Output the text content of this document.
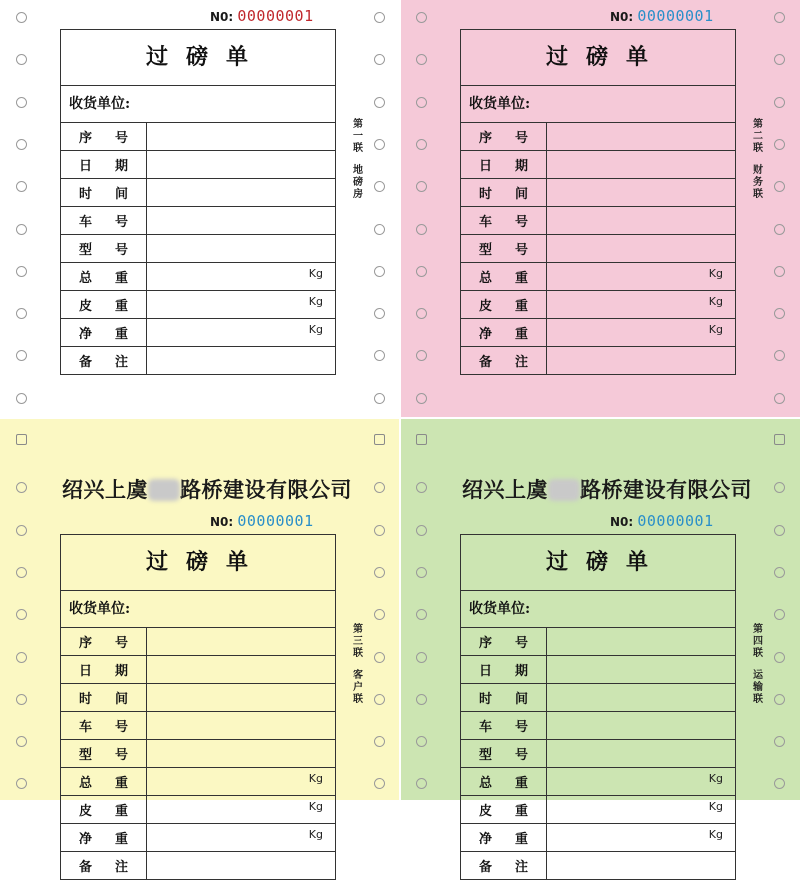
N0: 00000001
过磅单
收货单位:
序 号
日 期
时 间
车 号
型 号
总 重	Kg
皮 重	Kg
净 重	Kg
备 注
第
一
联
地
磅
房
N0: 00000001
过磅单
收货单位:
序 号
日 期
时 间
车 号
型 号
总 重	Kg
皮 重	Kg
净 重	Kg
备 注
第
二
联
财
务
联
绍兴上虞 路桥建设有限公司
N0: 00000001
过磅单
收货单位:
序 号
日 期
时 间
车 号
型 号
总 重	Kg
皮 重	Kg
净 重	Kg
备 注
第
三
联
客
户
联
绍兴上虞 路桥建设有限公司
N0: 00000001
过磅单
收货单位:
序 号
日 期
时 间
车 号
型 号
总 重	Kg
皮 重	Kg
净 重	Kg
备 注
第
四
联
运
输
联
